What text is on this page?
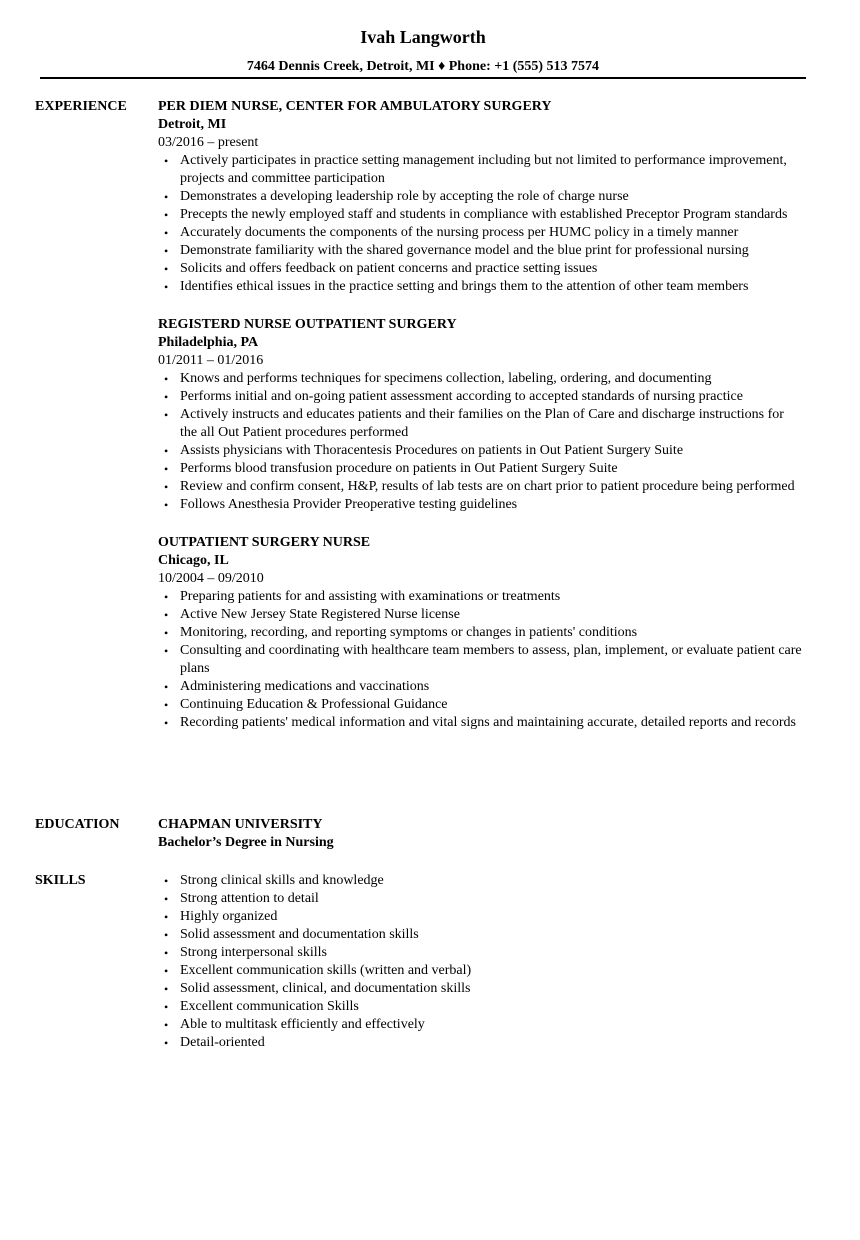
Ivah Langworth
7464 Dennis Creek, Detroit, MI ♦ Phone: +1 (555) 513 7574
EXPERIENCE PER DIEM NURSE, CENTER FOR AMBULATORY SURGERY
Detroit, MI
03/2016 – present
• Actively participates in practice setting management including but not limited to performance improvement, projects and committee participation
• Demonstrates a developing leadership role by accepting the role of charge nurse
• Precepts the newly employed staff and students in compliance with established Preceptor Program standards
• Accurately documents the components of the nursing process per HUMC policy in a timely manner
• Demonstrate familiarity with the shared governance model and the blue print for professional nursing
• Solicits and offers feedback on patient concerns and practice setting issues
• Identifies ethical issues in the practice setting and brings them to the attention of other team members
REGISTERD NURSE OUTPATIENT SURGERY
Philadelphia, PA
01/2011 – 01/2016
• Knows and performs techniques for specimens collection, labeling, ordering, and documenting
• Performs initial and on-going patient assessment according to accepted standards of nursing practice
• Actively instructs and educates patients and their families on the Plan of Care and discharge instructions for the all Out Patient procedures performed
• Assists physicians with Thoracentesis Procedures on patients in Out Patient Surgery Suite
• Performs blood transfusion procedure on patients in Out Patient Surgery Suite
• Review and confirm consent, H&P, results of lab tests are on chart prior to patient procedure being performed
• Follows Anesthesia Provider Preoperative testing guidelines
OUTPATIENT SURGERY NURSE
Chicago, IL
10/2004 – 09/2010
• Preparing patients for and assisting with examinations or treatments
• Active New Jersey State Registered Nurse license
• Monitoring, recording, and reporting symptoms or changes in patients' conditions
• Consulting and coordinating with healthcare team members to assess, plan, implement, or evaluate patient care plans
• Administering medications and vaccinations
• Continuing Education & Professional Guidance
• Recording patients' medical information and vital signs and maintaining accurate, detailed reports and records
EDUCATION	CHAPMAN UNIVERSITY
Bachelor’s Degree in Nursing
SKILLS
•	Strong clinical skills and knowledge
• Strong attention to detail
• Highly organized
• Solid assessment and documentation skills
• Strong interpersonal skills
• Excellent communication skills (written and verbal)
• Solid assessment, clinical, and documentation skills
• Excellent communication Skills
• Able to multitask efficiently and effectively
• Detail-oriented
